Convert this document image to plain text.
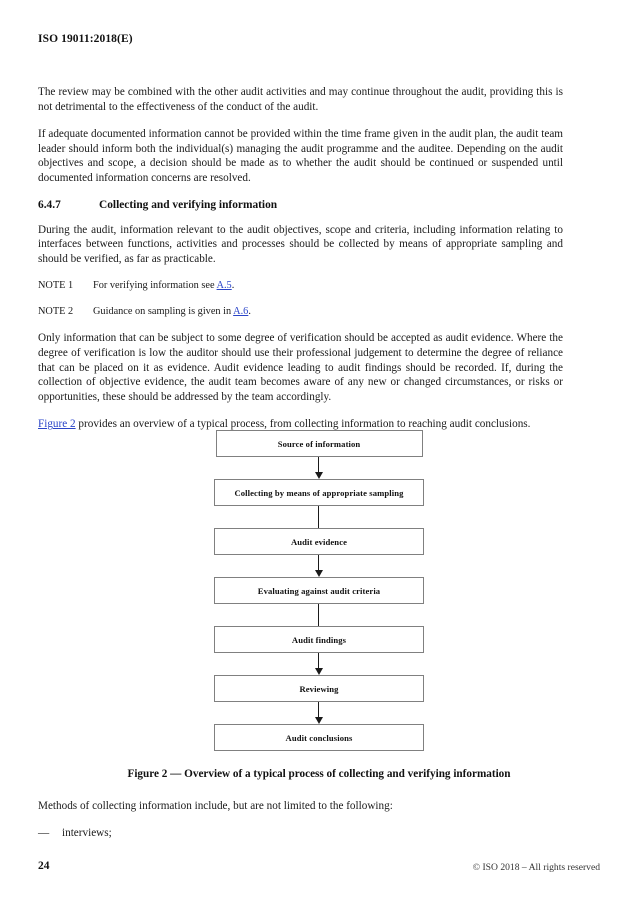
ISO 19011:2018(E)

The review may be combined with the other audit activities and may continue throughout the audit, providing this is not detrimental to the effectiveness of the conduct of the audit.

If adequate documented information cannot be provided within the time frame given in the audit plan, the audit team leader should inform both the individual(s) managing the audit programme and the auditee. Depending on the audit objectives and scope, a decision should be made as to whether the audit should be continued or suspended until documented information concerns are resolved.

6.4.7	Collecting and verifying information

During the audit, information relevant to the audit objectives, scope and criteria, including information relating to interfaces between functions, activities and processes should be collected by means of appropriate sampling and should be verified, as far as practicable.

NOTE 1	For verifying information see A.5.
NOTE 2	Guidance on sampling is given in A.6.

Only information that can be subject to some degree of verification should be accepted as audit evidence. Where the degree of verification is low the auditor should use their professional judgement to determine the degree of reliance that can be placed on it as evidence. Audit evidence leading to audit findings should be recorded. If, during the collection of objective evidence, the audit team becomes aware of any new or changed circumstances, or risks or opportunities, these should be addressed by the team accordingly.

Figure 2 provides an overview of a typical process, from collecting information to reaching audit conclusions.

Source of information
Collecting by means of appropriate sampling
Audit evidence
Evaluating against audit criteria
Audit findings
Reviewing
Audit conclusions
Figure 2 — Overview of a typical process of collecting and verifying information

Methods of collecting information include, but are not limited to the following:

—	interviews;
24	© ISO 2018 – All rights reserved
